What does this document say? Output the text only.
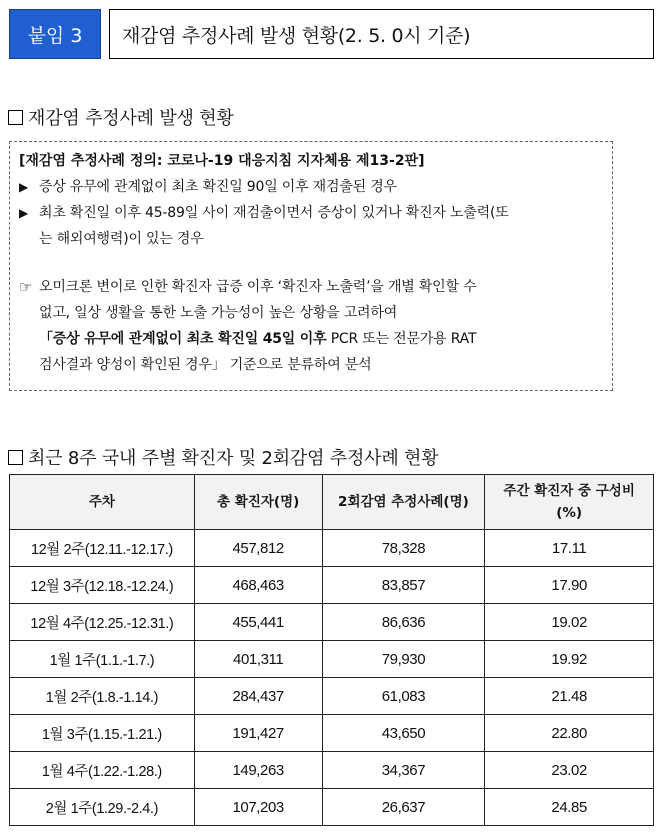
붙임 3	재감염 추정사례 발생 현황(2. 5. 0시 기준)
재감염 추정사례 발생 현황
[재감염 추정사례 정의: 코로나-19 대응지침 지자체용 제13-2판]
▶ 증상 유무에 관계없이 최초 확진일 90일 이후 재검출된 경우
▶ 최초 확진일 이후 45-89일 사이 재검출이면서 증상이 있거나 확진자 노출력(또
는 해외여행력)이 있는 경우
☞ 오미크론 변이로 인한 확진자 급증 이후 ‘확진자 노출력’을 개별 확인할 수
없고, 일상 생활을 통한 노출 가능성이 높은 상황을 고려하여
「증상 유무에 관계없이 최초 확진일 45일 이후 PCR 또는 전문가용 RAT
검사결과 양성이 확인된 경우」 기준으로 분류하여 분석
최근 8주 국내 주별 확진자 및 2회감염 추정사례 현황
주차	총 확진자(명)	2회감염 추정사례(명)	주간 확진자 중 구성비
(%)
12월 2주(12.11.-12.17.)	457,812	78,328	17.11
12월 3주(12.18.-12.24.)	468,463	83,857	17.90
12월 4주(12.25.-12.31.)	455,441	86,636	19.02
1월 1주(1.1.-1.7.)	401,311	79,930	19.92
1월 2주(1.8.-1.14.)	284,437	61,083	21.48
1월 3주(1.15.-1.21.)	191,427	43,650	22.80
1월 4주(1.22.-1.28.)	149,263	34,367	23.02
2월 1주(1.29.-2.4.)	107,203	26,637	24.85
